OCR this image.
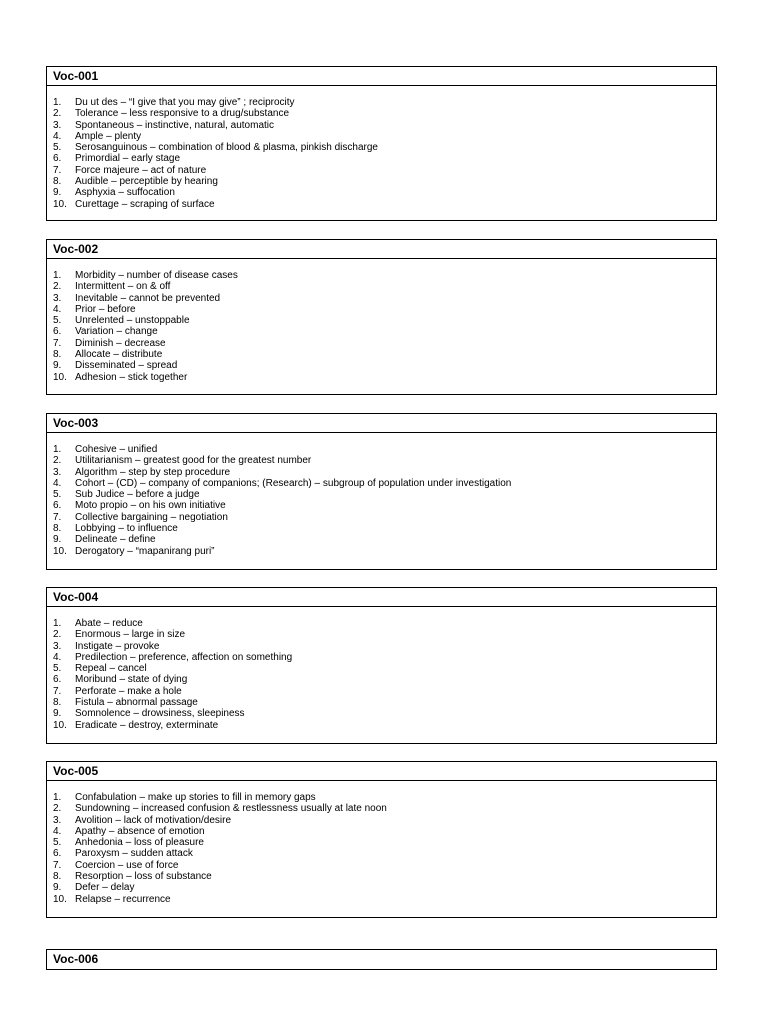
Voc-001
1. Du ut des – “I give that you may give” ; reciprocity
2. Tolerance – less responsive to a drug/substance
3. Spontaneous – instinctive, natural, automatic
4. Ample – plenty
5. Serosanguinous – combination of blood & plasma, pinkish discharge
6. Primordial – early stage
7. Force majeure – act of nature
8. Audible – perceptible by hearing
9. Asphyxia – suffocation
10. Curettage – scraping of surface
Voc-002
1. Morbidity – number of disease cases
2. Intermittent – on & off
3. Inevitable – cannot be prevented
4. Prior – before
5. Unrelented – unstoppable
6. Variation – change
7. Diminish – decrease
8. Allocate – distribute
9. Disseminated – spread
10. Adhesion – stick together
Voc-003
1. Cohesive – unified
2. Utilitarianism – greatest good for the greatest number
3. Algorithm – step by step procedure
4. Cohort – (CD) – company of companions; (Research) – subgroup of population under investigation
5. Sub Judice – before a judge
6. Moto propio – on his own initiative
7. Collective bargaining – negotiation
8. Lobbying – to influence
9. Delineate – define
10. Derogatory – “mapanirang puri”
Voc-004
1. Abate – reduce
2. Enormous – large in size
3. Instigate – provoke
4. Predilection – preference, affection on something
5. Repeal – cancel
6. Moribund – state of dying
7. Perforate – make a hole
8. Fistula – abnormal passage
9. Somnolence – drowsiness, sleepiness
10. Eradicate – destroy, exterminate
Voc-005
1. Confabulation – make up stories to fill in memory gaps
2. Sundowning – increased confusion & restlessness usually at late noon
3. Avolition – lack of motivation/desire
4. Apathy – absence of emotion
5. Anhedonia – loss of pleasure
6. Paroxysm – sudden attack
7. Coercion – use of force
8. Resorption – loss of substance
9. Defer – delay
10. Relapse – recurrence
Voc-006
